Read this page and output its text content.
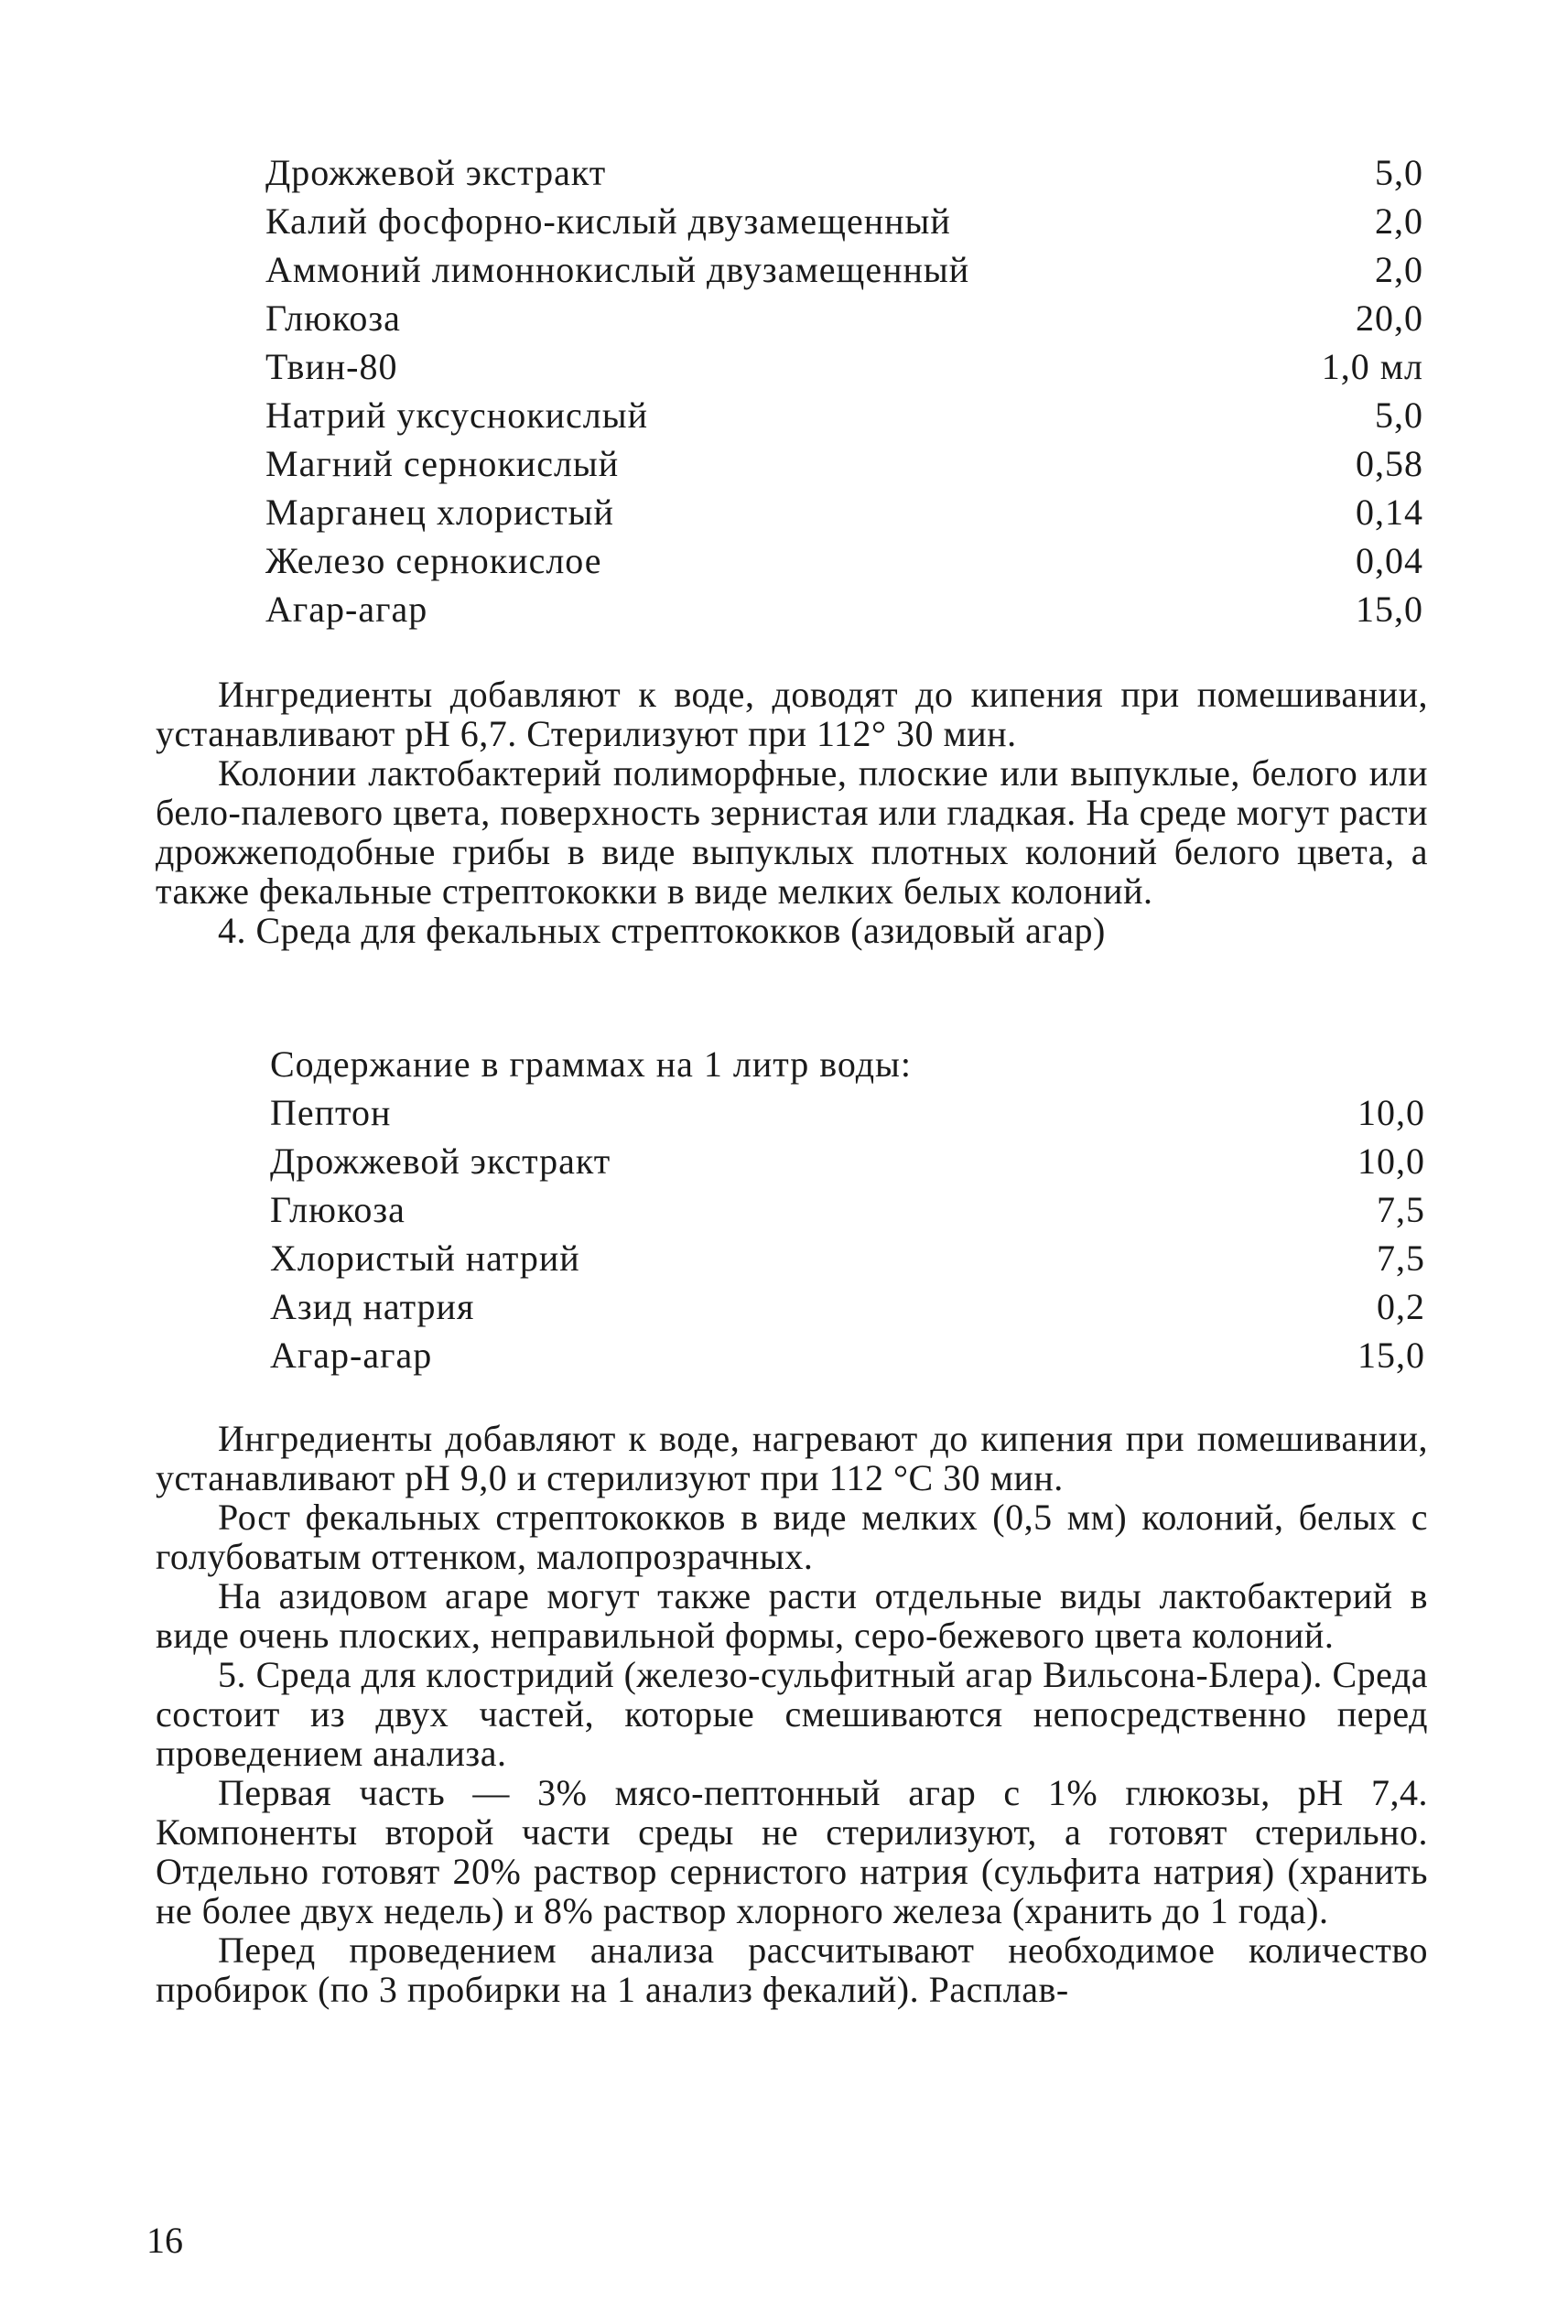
Дрожжевой экстракт	5,0
Калий фосфорно-кислый двузамещенный	2,0
Аммоний лимоннокислый двузамещенный	2,0
Глюкоза	20,0
Твин-80	1,0 мл
Натрий уксуснокислый	5,0
Магний сернокислый	0,58
Марганец хлористый	0,14
Железо сернокислое	0,04
Агар-агар	15,0

Ингредиенты добавляют к воде, доводят до кипения при помешивании, устанавливают pH 6,7. Стерилизуют при 112° 30 мин.

Колонии лактобактерий полиморфные, плоские или выпуклые, белого или бело-палевого цвета, поверхность зернистая или гладкая. На среде могут расти дрожжеподобные грибы в виде выпуклых плотных колоний белого цвета, а также фекальные стрептококки в виде мелких белых колоний.

4. Среда для фекальных стрептококков (азидовый агар)

Содержание в граммах на 1 литр воды:
Пептон	10,0
Дрожжевой экстракт	10,0
Глюкоза	7,5
Хлористый натрий	7,5
Азид натрия	0,2
Агар-агар	15,0

Ингредиенты добавляют к воде, нагревают до кипения при помешивании, устанавливают pH 9,0 и стерилизуют при 112 °C 30 мин.

Рост фекальных стрептококков в виде мелких (0,5 мм) колоний, белых с голубоватым оттенком, малопрозрачных.

На азидовом агаре могут также расти отдельные виды лактобактерий в виде очень плоских, неправильной формы, серо-бежевого цвета колоний.

5. Среда для клостридий (железо-сульфитный агар Вильсона-Блера). Среда состоит из двух частей, которые смешиваются непосредственно перед проведением анализа.

Первая часть — 3% мясо-пептонный агар с 1% глюкозы, pH 7,4. Компоненты второй части среды не стерилизуют, а готовят стерильно. Отдельно готовят 20% раствор сернистого натрия (сульфита натрия) (хранить не более двух недель) и 8% раствор хлорного железа (хранить до 1 года).

Перед проведением анализа рассчитывают необходимое количество пробирок (по 3 пробирки на 1 анализ фекалий). Расплав-

16
